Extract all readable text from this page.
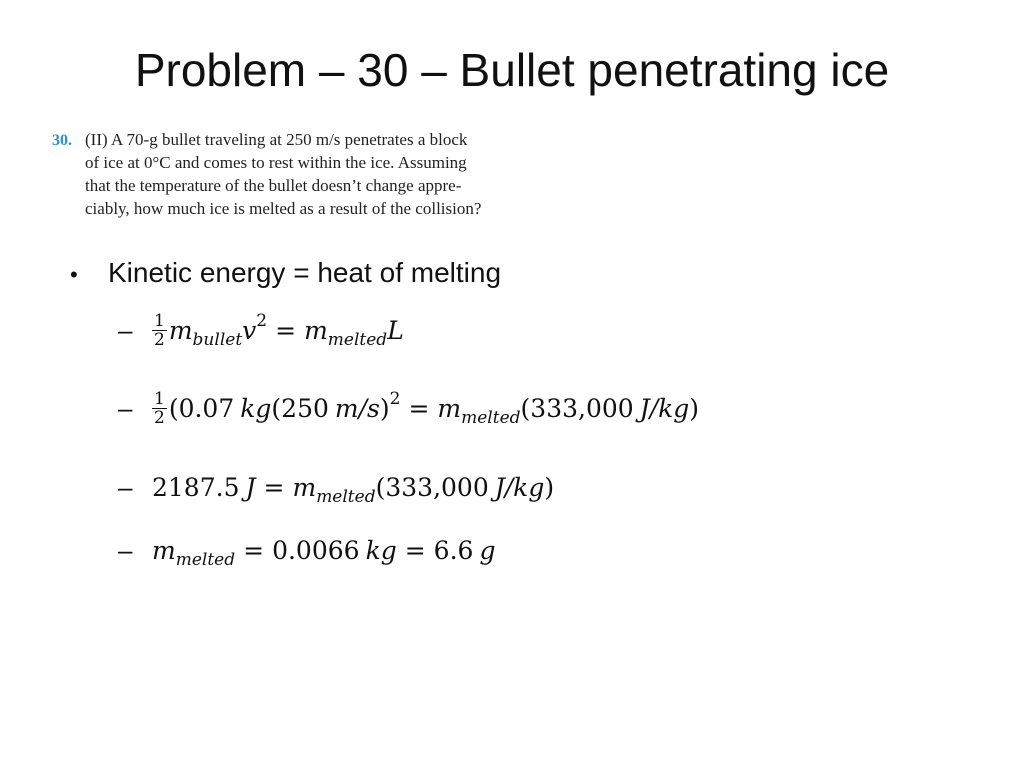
Problem – 30 – Bullet penetrating ice
30. (II) A 70-g bullet traveling at 250 m/s penetrates a block
of ice at 0°C and comes to rest within the ice. Assuming
that the temperature of the bullet doesn’t change appre-
ciably, how much ice is melted as a result of the collision?
• Kinetic energy = heat of melting
–	$\frac{1}{2}$ m bullet v 2 = m melted L
–	$\frac{1}{2} (0.07$ kg (250 m/s ) 2 = m melted (333,000 J/kg )
– 2187.5 J = m melted (333,000 J/kg )
– m melted = 0.0066 kg = 6.6 g
